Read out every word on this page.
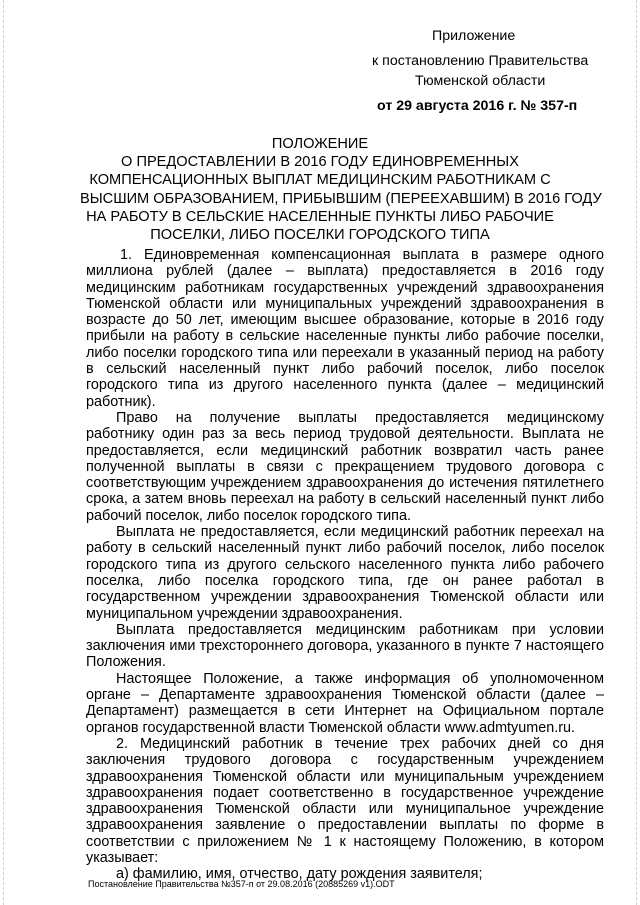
Приложение
к постановлению Правительства
Тюменской области
от 29 августа 2016 г. № 357-п
ПОЛОЖЕНИЕ
О ПРЕДОСТАВЛЕНИИ В 2016 ГОДУ ЕДИНОВРЕМЕННЫХ
КОМПЕНСАЦИОННЫХ ВЫПЛАТ МЕДИЦИНСКИМ РАБОТНИКАМ С
ВЫСШИМ ОБРАЗОВАНИЕМ, ПРИБЫВШИМ (ПЕРЕЕХАВШИМ) В 2016 ГОДУ
НА РАБОТУ В СЕЛЬСКИЕ НАСЕЛЕННЫЕ ПУНКТЫ ЛИБО РАБОЧИЕ
ПОСЕЛКИ, ЛИБО ПОСЕЛКИ ГОРОДСКОГО ТИПА

1. Единовременная компенсационная выплата в размере одного миллиона рублей (далее – выплата) предоставляется в 2016 году медицинским работникам государственных учреждений здравоохранения Тюменской области или муниципальных учреждений здравоохранения в возрасте до 50 лет, имеющим высшее образование, которые в 2016 году прибыли на работу в сельские населенные пункты либо рабочие поселки, либо поселки городского типа или переехали в указанный период на работу в сельский населенный пункт либо рабочий поселок, либо поселок городского типа из другого населенного пункта (далее – медицинский работник).

Право на получение выплаты предоставляется медицинскому работнику один раз за весь период трудовой деятельности. Выплата не предоставляется, если медицинский работник возвратил часть ранее полученной выплаты в связи с прекращением трудового договора с соответствующим учреждением здравоохранения до истечения пятилетнего срока, а затем вновь переехал на работу в сельский населенный пункт либо рабочий поселок, либо поселок городского типа.

Выплата не предоставляется, если медицинский работник переехал на работу в сельский населенный пункт либо рабочий поселок, либо поселок городского типа из другого сельского населенного пункта либо рабочего поселка, либо поселка городского типа, где он ранее работал в государственном учреждении здравоохранения Тюменской области или муниципальном учреждении здравоохранения.

Выплата предоставляется медицинским работникам при условии заключения ими трехстороннего договора, указанного в пункте 7 настоящего Положения.

Настоящее Положение, а также информация об уполномоченном органе – Департаменте здравоохранения Тюменской области (далее – Департамент) размещается в сети Интернет на Официальном портале органов государственной власти Тюменской области www.admtyumen.ru.

2. Медицинский работник в течение трех рабочих дней со дня заключения трудового договора с государственным учреждением здравоохранения Тюменской области или муниципальным учреждением здравоохранения подает соответственно в государственное учреждение здравоохранения Тюменской области или муниципальное учреждение здравоохранения заявление о предоставлении выплаты по форме в соответствии с приложением № 1 к настоящему Положению, в котором указывает:

а) фамилию, имя, отчество, дату рождения заявителя;

Постановление Правительства №357-п от 29.08.2016 (20885269 v1).ODT
